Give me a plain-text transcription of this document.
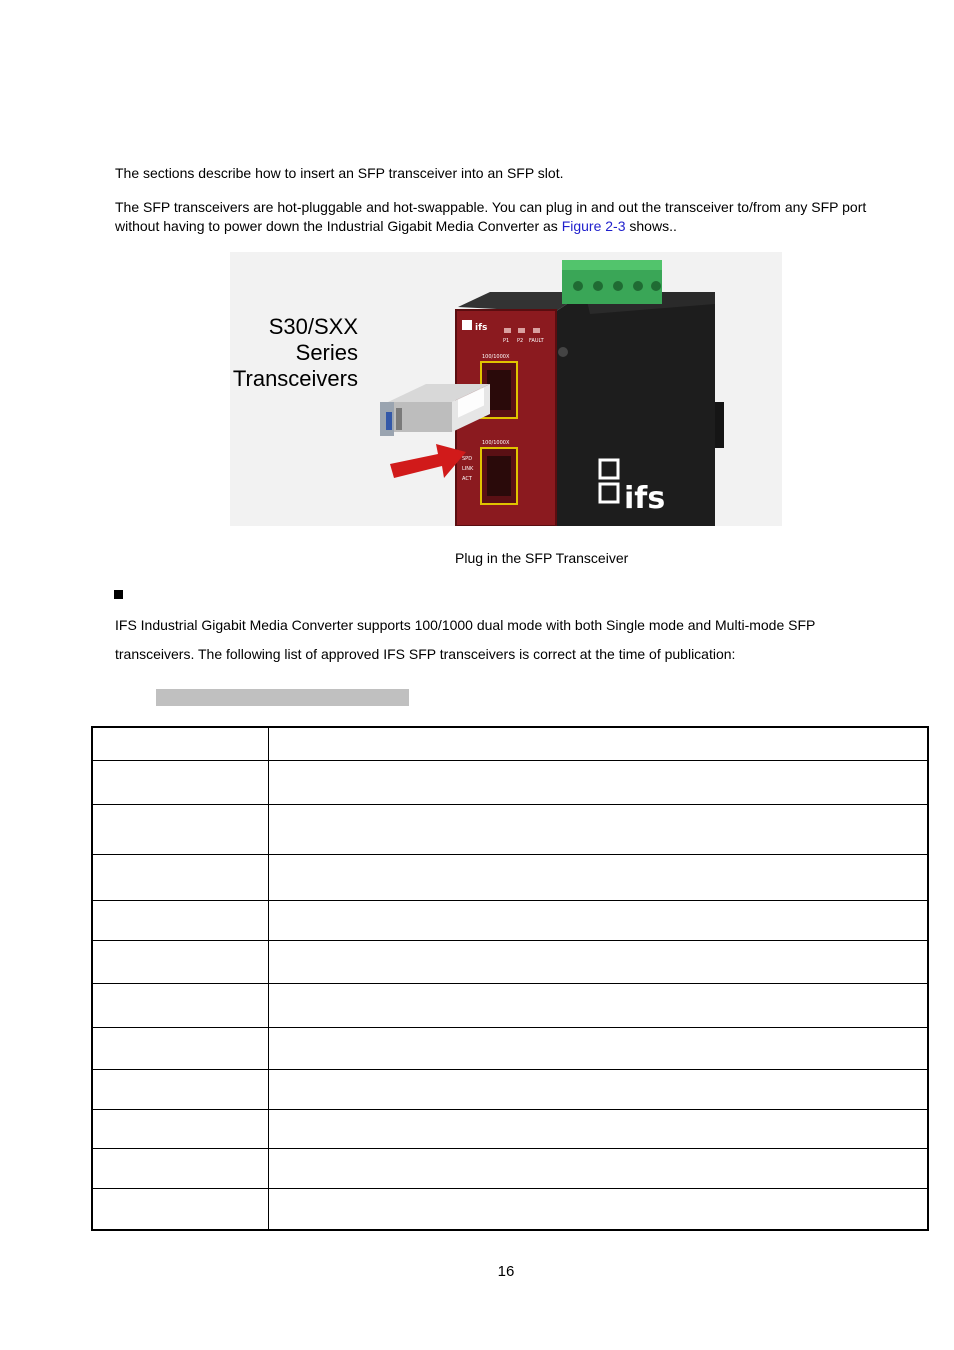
The sections describe how to insert an SFP transceiver into an SFP slot.
The SFP transceivers are hot-pluggable and hot-swappable. You can plug in and out the transceiver to/from any SFP port
without having to power down the Industrial Gigabit Media Converter as Figure 2-3 shows..
S30/SXX
Series
Transceivers
ifs
P1 P2 FAULT
100/1000X
100/1000X
SPD
LINK
ACT
ifs
Plug in the SFP Transceiver
IFS Industrial Gigabit Media Converter supports 100/1000 dual mode with both Single mode and Multi-mode SFP
transceivers. The following list of approved IFS SFP transceivers is correct at the time of publication:

16
